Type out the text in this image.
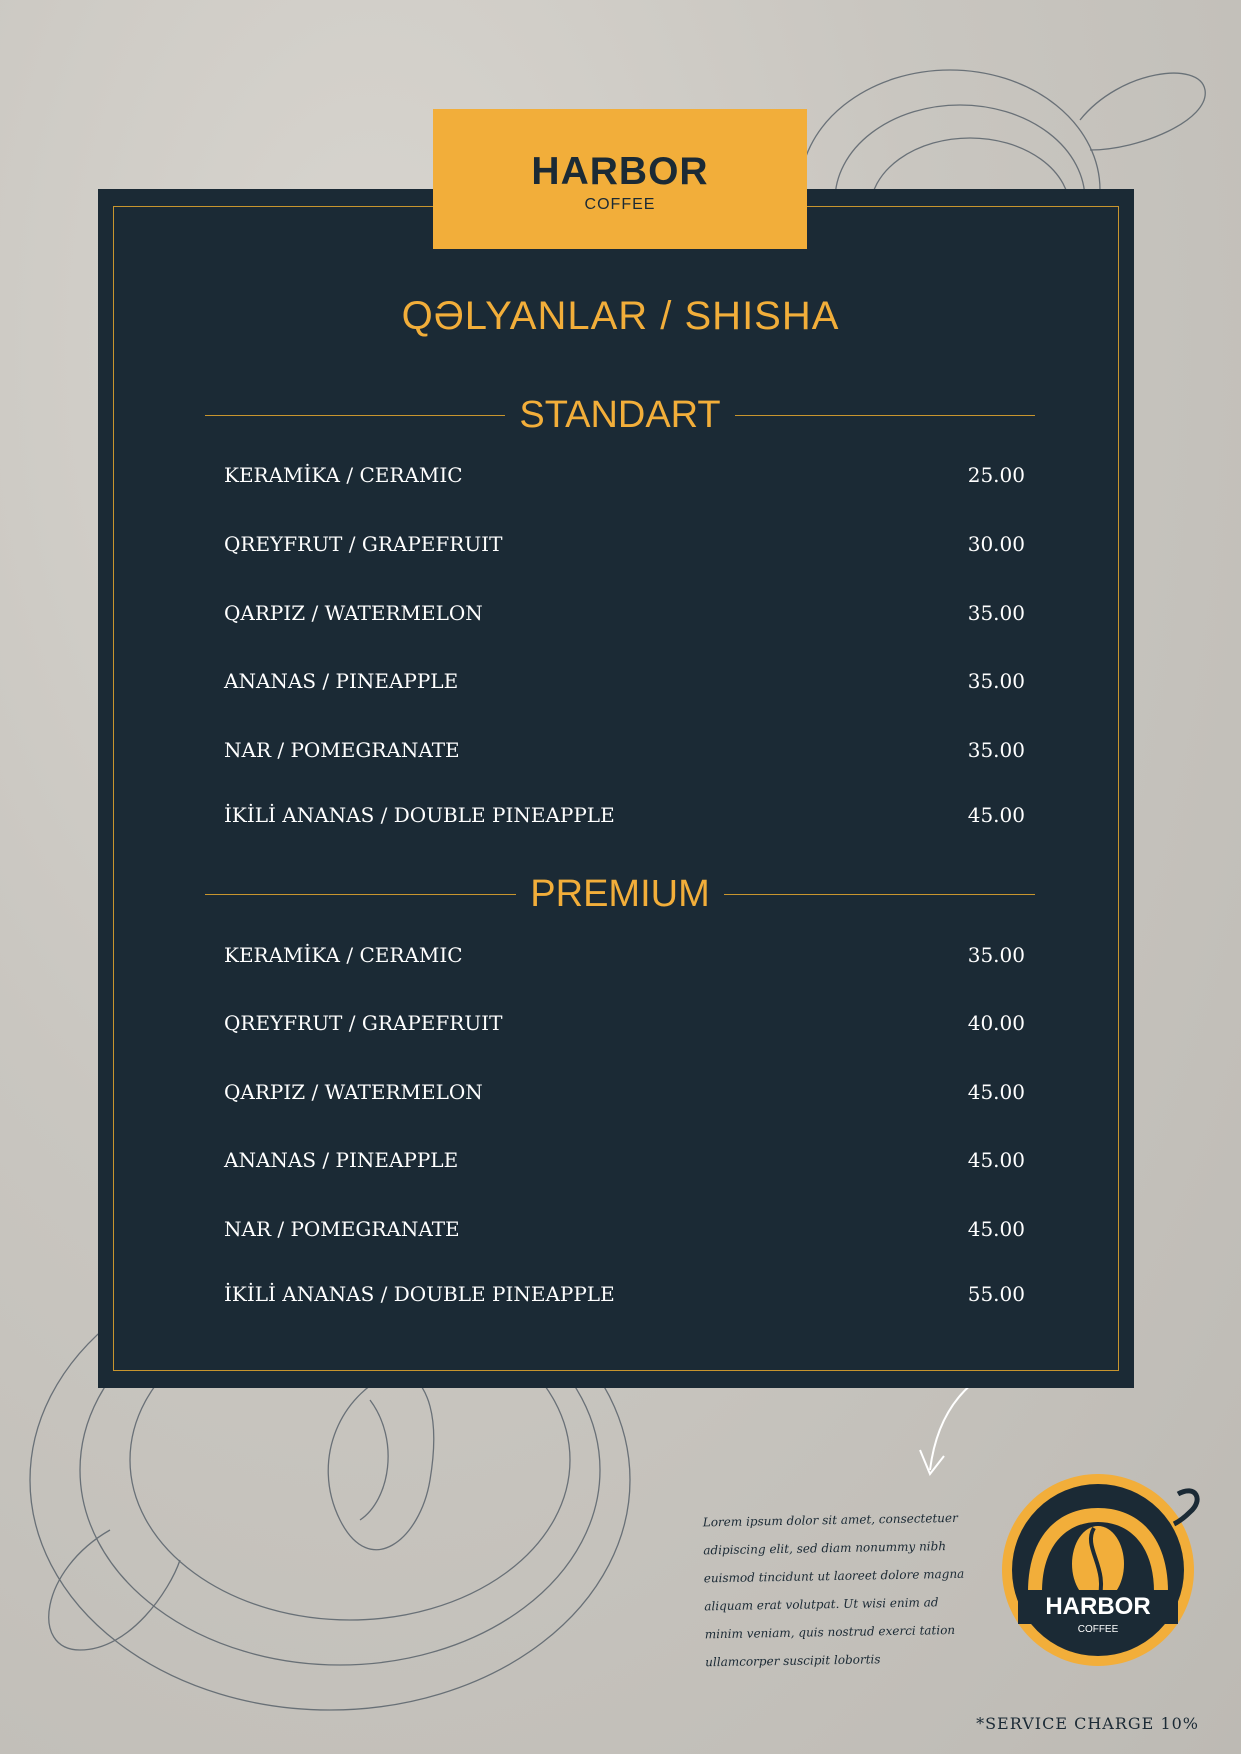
HARBOR
COFFEE
QƏLYANLAR / SHISHA
STANDART
KERAMİKA / CERAMIC	25.00
QREYFRUT / GRAPEFRUIT	30.00
QARPIZ / WATERMELON	35.00
ANANAS / PINEAPPLE	35.00
NAR / POMEGRANATE	35.00
İKİLİ ANANAS / DOUBLE PINEAPPLE	45.00
PREMIUM
KERAMİKA / CERAMIC	35.00
QREYFRUT / GRAPEFRUIT	40.00
QARPIZ / WATERMELON	45.00
ANANAS / PINEAPPLE	45.00
NAR / POMEGRANATE	45.00
İKİLİ ANANAS / DOUBLE PINEAPPLE	55.00
Lorem ipsum dolor sit amet, consectetuer adipiscing elit, sed diam nonummy nibh euismod tincidunt ut laoreet dolore magna aliquam erat volutpat. Ut wisi enim ad minim veniam, quis nostrud exerci tation ullamcorper suscipit lobortis
HARBOR
COFFEE
*SERVICE CHARGE 10%
